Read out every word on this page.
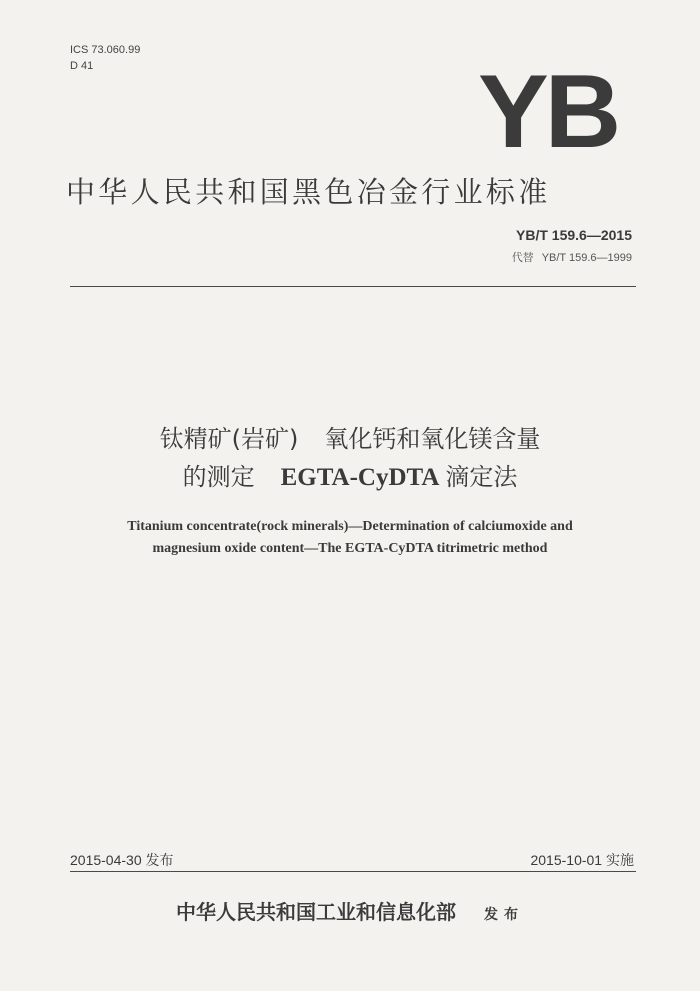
ICS 73.060.99
D 41	YB
中华人民共和国黑色冶金行业标准
YB/T 159.6—2015
代替 YB/T 159.6—1999
钛精矿(岩矿) 氧化钙和氧化镁含量
的测定 EGTA-CyDTA 滴定法
Titanium concentrate(rock minerals)—Determination of calciumoxide and
magnesium oxide content—The EGTA-CyDTA titrimetric method
2015-04-30 发布	2015-10-01 实施
中华人民共和国工业和信息化部 发布
